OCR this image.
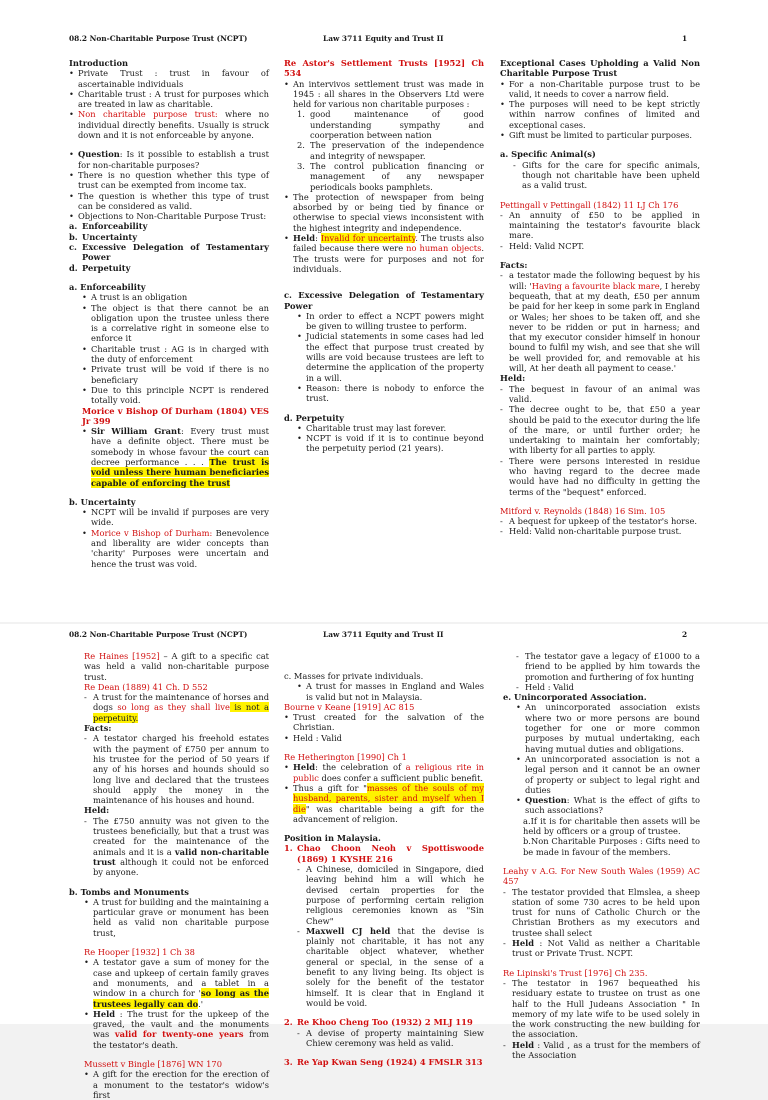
08.2 Non-Charitable Purpose Trust (NCPT)	Law 3711 Equity and Trust II	1

Introduction

• Private Trust : trust in favour of ascertainable individuals
• Charitable trust : A trust for purposes which are treated in law as charitable.
• Non charitable purpose trust: where no individual directly benefits. Usually is struck down and it is not enforceable by anyone.
• Question: Is it possible to establish a trust for non-charitable purposes?
• There is no question whether this type of trust can be exempted from income tax.
• The question is whether this type of trust can be considered as valid.
• Objections to Non-Charitable Purpose Trust:
a. Enforceability
b. Uncertainty
c. Excessive Delegation of Testamentary Power
d. Perpetuity

a. Enforceability

• A trust is an obligation
• The object is that there cannot be an obligation upon the trustee unless there is a correlative right in someone else to enforce it
• Charitable trust : AG is in charged with the duty of enforcement
• Private trust will be void if there is no beneficiary
• Due to this principle NCPT is rendered totally void.

Morice v Bishop Of Durham (1804) VES Jr 399

• Sir William Grant: Every trust must have a definite object. There must be somebody in whose favour the court can decree performance . . . The trust is void unless there human beneficiaries capable of enforcing the trust

b. Uncertainty

• NCPT will be invalid if purposes are very wide.
• Morice v Bishop of Durham: Benevolence and liberality are wider concepts than 'charity' Purposes were uncertain and hence the trust was void.

Re Astor's Settlement Trusts [1952] Ch 534

• An intervivos settlement trust was made in 1945 : all shares in the Observers Ltd were held for various non charitable purposes :
1. good maintenance of good understanding sympathy and coorperation between nation
2. The preservation of the independence and integrity of newspaper.
3. The control publication financing or management of any newspaper periodicals books pamphlets.
• The protection of newspaper from being absorbed by or being tied by finance or otherwise to special views inconsistent with the highest integrity and independence.
• Held: Invalid for uncertainty. The trusts also failed because there were no human objects. The trusts were for purposes and not for individuals.

c. Excessive Delegation of Testamentary Power

• In order to effect a NCPT powers might be given to willing trustee to perform.
• Judicial statements in some cases had led the effect that purpose trust created by wills are void because trustees are left to determine the application of the property in a will.
• Reason: there is nobody to enforce the trust.

d. Perpetuity

• Charitable trust may last forever.
• NCPT is void if it is to continue beyond the perpetuity period (21 years).

Exceptional Cases Upholding a Valid Non Charitable Purpose Trust

• For a non-Charitable purpose trust to be valid, it needs to cover a narrow field.
• The purposes will need to be kept strictly within narrow confines of limited and exceptional cases.
• Gift must be limited to particular purposes.

a. Specific Animal(s)

- Gifts for the care for specific animals, though not charitable have been upheld as a valid trust.

Pettingall v Pettingall (1842) 11 LJ Ch 176

- An annuity of £50 to be applied in maintaining the testator's favourite black mare.
- Held: Valid NCPT.

Facts:

- a testator made the following bequest by his will: 'Having a favourite black mare, I hereby bequeath, that at my death, £50 per annum be paid for her keep in some park in England or Wales; her shoes to be taken off, and she never to be ridden or put in harness; and that my executor consider himself in honour bound to fulfil my wish, and see that she will be well provided for, and removable at his will, At her death all payment to cease.'

Held:

- The bequest in favour of an animal was valid.
- The decree ought to be, that £50 a year should be paid to the executor during the life of the mare, or until further order; he undertaking to maintain her comfortably; with liberty for all parties to apply.
- There were persons interested in residue who having regard to the decree made would have had no difficulty in getting the terms of the "bequest" enforced.

Mitford v. Reynolds (1848) 16 Sim. 105

- A bequest for upkeep of the testator's horse.
- Held: Valid non-charitable purpose trust.
08.2 Non-Charitable Purpose Trust (NCPT)	Law 3711 Equity and Trust II	2

Re Haines [1952] – A gift to a specific cat was held a valid non-charitable purpose trust.

Re Dean (1889) 41 Ch. D 552

- A trust for the maintenance of horses and dogs so long as they shall live is not a perpetuity.

Facts:

- A testator charged his freehold estates with the payment of £750 per annum to his trustee for the period of 50 years if any of his horses and hounds should so long live and declared that the trustees should apply the money in the maintenance of his houses and hound.

Held:

- The £750 annuity was not given to the trustees beneficially, but that a trust was created for the maintenance of the animals and it is a valid non-charitable trust although it could not be enforced by anyone.

b. Tombs and Monuments

• A trust for building and the maintaining a particular grave or monument has been held as valid non charitable purpose trust,

Re Hooper [1932] 1 Ch 38

• A testator gave a sum of money for the case and upkeep of certain family graves and monuments, and a tablet in a window in a church for 'so long as the trustees legally can do.'
• Held : The trust for the upkeep of the graved, the vault and the monuments was valid for twenty-one years from the testator's death.

Mussett v Bingle [1876] WN 170

• A gift for the erection for the erection of a monument to the testator's widow's first

c. Masses for private individuals.

• A trust for masses in England and Wales is valid but not in Malaysia.

Bourne v Keane [1919] AC 815

• Trust created for the salvation of the Christian.
• Held : Valid

Re Hetherington [1990] Ch 1

• Held: the celebration of a religious rite in public does confer a sufficient public benefit.
• Thus a gift for "masses of the souls of my husband, parents, sister and myself when I die" was charitable being a gift for the advancement of religion.

Position in Malaysia.

1. Chao Choon Neoh v Spottiswoode (1869) 1 KYSHE 216
- A Chinese, domiciled in Singapore, died leaving behind him a will which he devised certain properties for the purpose of performing certain religion religious ceremonies known as "Sin Chew"
- Maxwell CJ held that the devise is plainly not charitable, it has not any charitable object whatever, whether general or special, in the sense of a benefit to any living being. Its object is solely for the benefit of the testator himself. It is clear that in England it would be void.
2. Re Khoo Cheng Too (1932) 2 MLJ 119
- A devise of property maintaining Siew Chiew ceremony was held as valid.
3. Re Yap Kwan Seng (1924) 4 FMSLR 313
- The testator gave a legacy of £1000 to a friend to be applied by him towards the promotion and furthering of fox hunting
- Held : Valid

e. Unincorporated Association.

• An unincorporated association exists where two or more persons are bound together for one or more common purposes by mutual undertaking, each having mutual duties and obligations.
• An unincorporated association is not a legal person and it cannot be an owner of property or subject to legal right and duties
• Question: What is the effect of gifts to such associations?

a.If it is for charitable then assets will be held by officers or a group of trustee.

b.Non Charitable Purposes : Gifts need to be made in favour of the members.

Leahy v A.G. For New South Wales (1959) AC 457

- The testator provided that Elmslea, a sheep station of some 730 acres to be held upon trust for nuns of Catholic Church or the Christian Brothers as my executors and trustee shall select
- Held : Not Valid as neither a Charitable trust or Private Trust. NCPT.

Re Lipinski's Trust [1976] Ch 235.

- The testator in 1967 bequeathed his residuary estate to trustee on trust as one half to the Hull Judeans Association " In memory of my late wife to be used solely in the work constructing the new building for the association.
- Held : Valid , as a trust for the members of the Association
